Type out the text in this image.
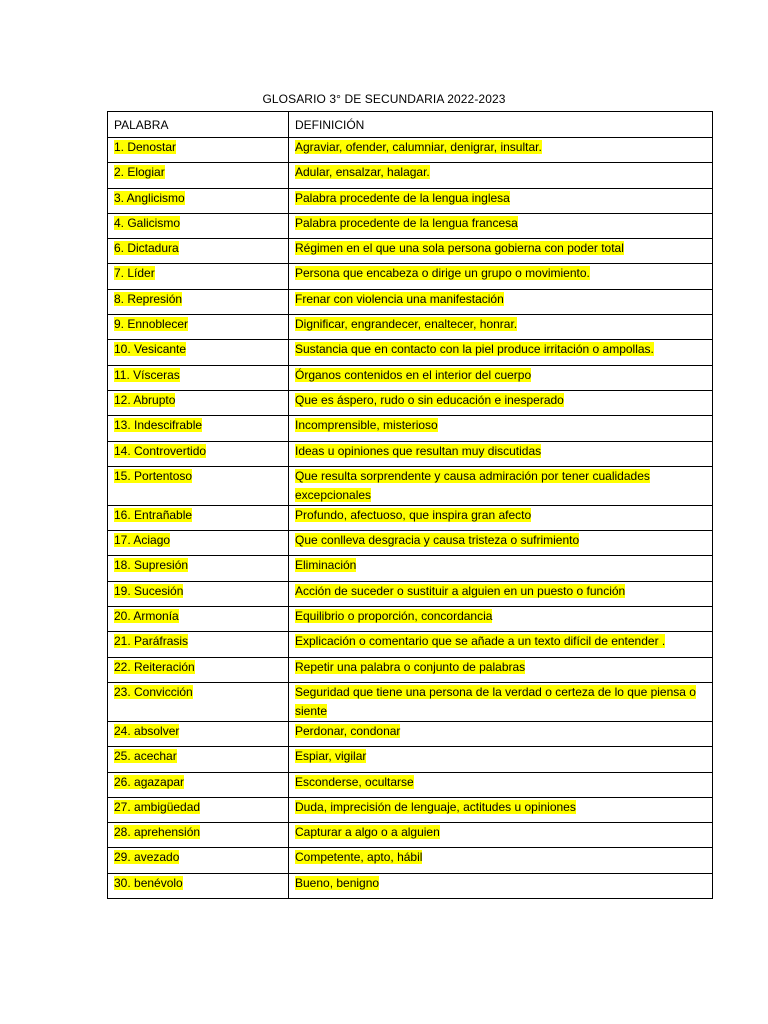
GLOSARIO 3° DE SECUNDARIA 2022-2023
PALABRA	DEFINICIÓN
1. Denostar	Agraviar, ofender, calumniar, denigrar, insultar.
2. Elogiar	Adular, ensalzar, halagar.
3. Anglicismo	Palabra procedente de la lengua inglesa
4. Galicismo	Palabra procedente de la lengua francesa
6. Dictadura	Régimen en el que una sola persona gobierna con poder total
7. Líder	Persona que encabeza o dirige un grupo o movimiento.
8. Represión	Frenar con violencia una manifestación
9. Ennoblecer	Dignificar, engrandecer, enaltecer, honrar.
10. Vesicante	Sustancia que en contacto con la piel produce irritación o ampollas.
11. Vísceras	Órganos contenidos en el interior del cuerpo
12. Abrupto	Que es áspero, rudo o sin educación e inesperado
13. Indescifrable	Incomprensible, misterioso
14. Controvertido	Ideas u opiniones que resultan muy discutidas
15. Portentoso	Que resulta sorprendente y causa admiración por tener cualidades excepcionales
16. Entrañable	Profundo, afectuoso, que inspira gran afecto
17. Aciago	Que conlleva desgracia y causa tristeza o sufrimiento
18. Supresión	Eliminación
19. Sucesión	Acción de suceder o sustituir a alguien en un puesto o función
20. Armonía	Equilibrio o proporción, concordancia
21. Paráfrasis	Explicación o comentario que se añade a un texto difícil de entender .
22. Reiteración	Repetir una palabra o conjunto de palabras
23. Convicción	Seguridad que tiene una persona de la verdad o certeza de lo que piensa o siente
24. absolver	Perdonar, condonar
25. acechar	Espiar, vigilar
26. agazapar	Esconderse, ocultarse
27. ambigüedad	Duda, imprecisión de lenguaje, actitudes u opiniones
28. aprehensión	Capturar a algo o a alguien
29. avezado	Competente, apto, hábil
30. benévolo	Bueno, benigno
